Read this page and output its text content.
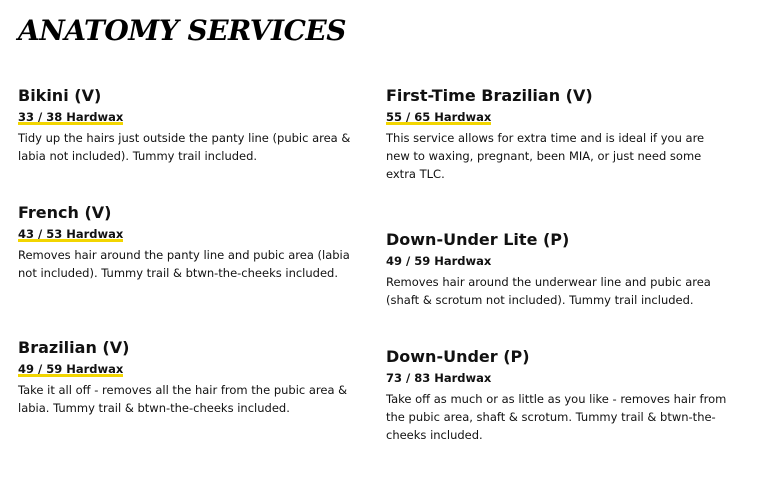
ANATOMY SERVICES
Bikini (V)
33 / 38 Hardwax

Tidy up the hairs just outside the panty line (pubic area & labia not included). Tummy trail included.

French (V)
43 / 53 Hardwax

Removes hair around the panty line and pubic area (labia not included). Tummy trail & btwn-the-cheeks included.

Brazilian (V)
49 / 59 Hardwax

Take it all off - removes all the hair from the pubic area & labia. Tummy trail & btwn-the-cheeks included.

First-Time Brazilian (V)
55 / 65 Hardwax

This service allows for extra time and is ideal if you are new to waxing, pregnant, been MIA, or just need some extra TLC.

Down-Under Lite (P)
49 / 59 Hardwax

Removes hair around the underwear line and pubic area (shaft & scrotum not included). Tummy trail included.

Down-Under (P)
73 / 83 Hardwax

Take off as much or as little as you like - removes hair from the pubic area, shaft & scrotum. Tummy trail & btwn-the-cheeks included.
